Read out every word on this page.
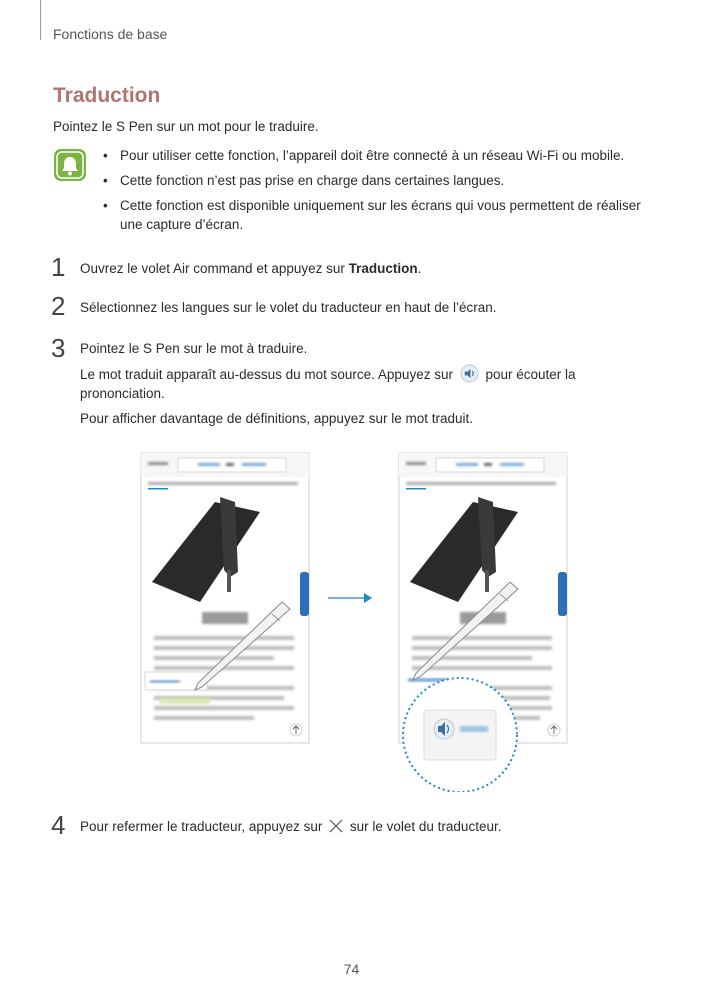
Fonctions de base
Traduction
Pointez le S Pen sur un mot pour le traduire.
• Pour utiliser cette fonction, l’appareil doit être connecté à un réseau Wi-Fi ou mobile.
• Cette fonction n’est pas prise en charge dans certaines langues.
• Cette fonction est disponible uniquement sur les écrans qui vous permettent de réaliser une capture d’écran.
1 Ouvrez le volet Air command et appuyez sur Traduction.
2 Sélectionnez les langues sur le volet du traducteur en haut de l’écran.
3 Pointez le S Pen sur le mot à traduire.
Le mot traduit apparaît au-dessus du mot source. Appuyez sur  pour écouter la prononciation.
Pour afficher davantage de définitions, appuyez sur le mot traduit.
4 Pour refermer le traducteur, appuyez sur  sur le volet du traducteur.
74
